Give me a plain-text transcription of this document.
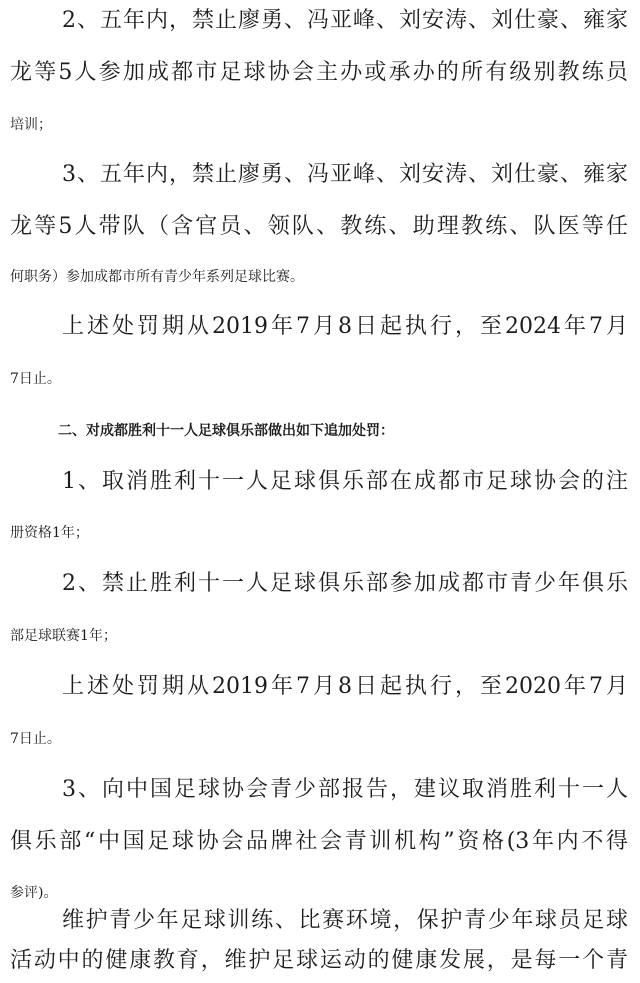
2、五年内，禁止廖勇、冯亚峰、刘安涛、刘仕豪、雍家
龙等5人参加成都市足球协会主办或承办的所有级别教练员
培训；
3、五年内，禁止廖勇、冯亚峰、刘安涛、刘仕豪、雍家
龙等5人带队（含官员、领队、教练、助理教练、队医等任
何职务）参加成都市所有青少年系列足球比赛。
上述处罚期从2019年7月8日起执行，至2024年7月
7日止。
二、对成都胜利十一人足球俱乐部做出如下追加处罚：
1、取消胜利十一人足球俱乐部在成都市足球协会的注
册资格1年；
2、禁止胜利十一人足球俱乐部参加成都市青少年俱乐
部足球联赛1年；
上述处罚期从2019年7月8日起执行，至2020年7月
7日止。
3、向中国足球协会青少部报告，建议取消胜利十一人
俱乐部“中国足球协会品牌社会青训机构”资格(3年内不得
参评)。
维护青少年足球训练、比赛环境，保护青少年球员足球
活动中的健康教育，维护足球运动的健康发展，是每一个青
